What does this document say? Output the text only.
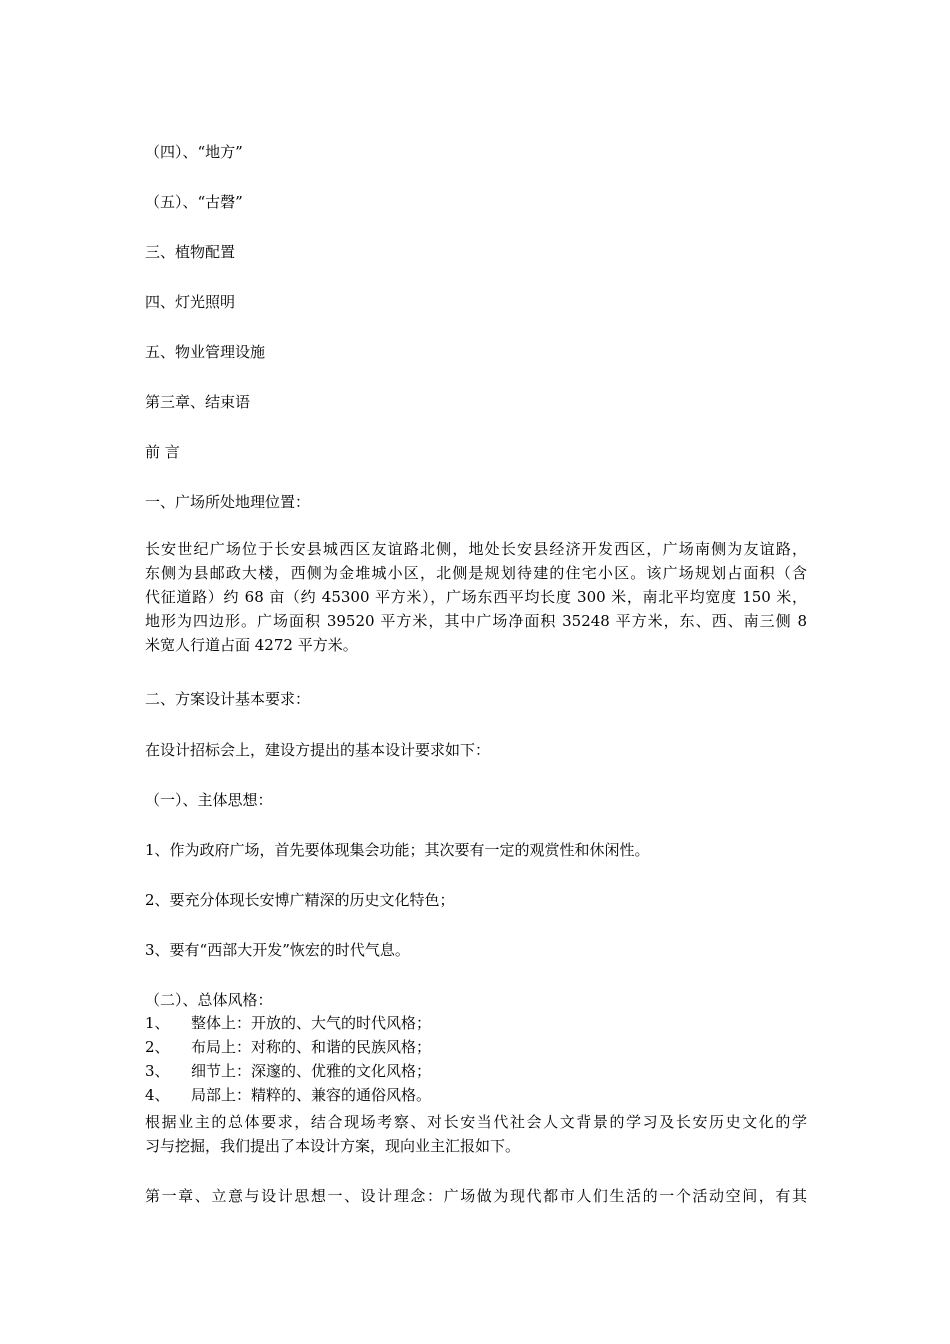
（四）、“地方”
（五）、“古磬”
三、植物配置
四、灯光照明
五、物业管理设施
第三章、结束语
前 言
一、广场所处地理位置：
长安世纪广场位于长安县城西区友谊路北侧，地处长安县经济开发西区，广场南侧为友谊路，
东侧为县邮政大楼，西侧为金堆城小区，北侧是规划待建的住宅小区。该广场规划占面积（含
代征道路）约 68 亩（约 45300 平方米），广场东西平均长度 300 米，南北平均宽度 150 米，
地形为四边形。广场面积 39520 平方米，其中广场净面积 35248 平方米，东、西、南三侧 8
米宽人行道占面 4272 平方米。
二、方案设计基本要求：
在设计招标会上，建设方提出的基本设计要求如下：
（一）、主体思想：
1、作为政府广场，首先要体现集会功能；其次要有一定的观赏性和休闲性。
2、要充分体现长安博广精深的历史文化特色；
3、要有“西部大开发”恢宏的时代气息。
（二）、总体风格：
1、 整体上：开放的、大气的时代风格；
2、 布局上：对称的、和谐的民族风格；
3、 细节上：深邃的、优雅的文化风格；
4、 局部上：精粹的、兼容的通俗风格。
根据业主的总体要求，结合现场考察、对长安当代社会人文背景的学习及长安历史文化的学
习与挖掘，我们提出了本设计方案，现向业主汇报如下。
第一章、立意与设计思想一、设计理念：广场做为现代都市人们生活的一个活动空间，有其
